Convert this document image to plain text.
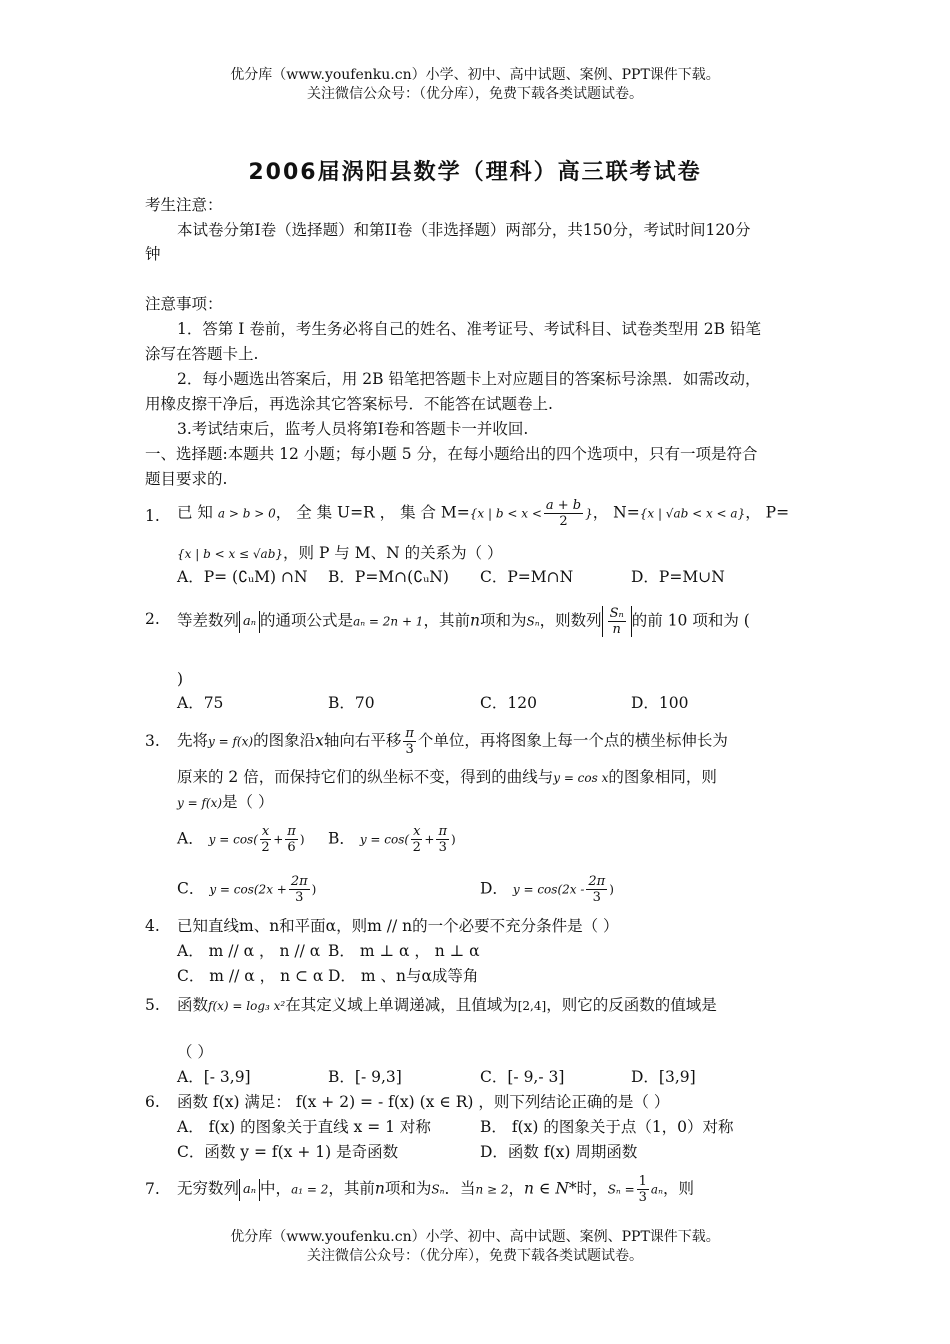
优分库（www.youfenku.cn）小学、初中、高中试题、案例、PPT课件下载。
关注微信公众号：（优分库），免费下载各类试题试卷。
2006届涡阳县数学（理科）高三联考试卷
考生注意：
本试卷分第I卷（选择题）和第II卷（非选择题）两部分，共150分，考试时间120分
钟
注意事项：
1．答第 I 卷前，考生务必将自己的姓名、准考证号、考试科目、试卷类型用 2B 铅笔
涂写在答题卡上.
2．每小题选出答案后，用 2B 铅笔把答题卡上对应题目的答案标号涂黑．如需改动，
用橡皮擦干净后，再选涂其它答案标号．不能答在试题卷上.
3.考试结束后，监考人员将第I卷和答题卡一并收回.
一、选择题:本题共 12 小题；每小题 5 分，在每小题给出的四个选项中，只有一项是符合
题目要求的.
1.	已 知 a > b > 0， 全 集 U=R ， 集 合 M={x | $b < x < \frac{a + b}{2}$ }， N={x | √ab < x < a}， P=
{x | b < x ≤ √ab}，则 P 与 M、N 的关系为（ ）
A．P= (∁ᵤM) ∩N B．P=M∩(∁ᵤN) C．P=M∩N	D．P=M∪N
2.	等差数列 aₙ 的通项公式是aₙ = 2n + 1，其前n项和为Sₙ，则数列 $\frac{\text{Sₙ}}{n}$ 的前 10 项和为 (
)
A．75	B．70	C．120	D．100
3.	先将y = f(x)的图象沿x轴向右平移 $\frac{\pi}{3}$ 个单位，再将图象上每一个点的横坐标伸长为
原来的 2 倍，而保持它们的纵坐标不变，得到的曲线与y = cos x的图象相同，则
y = f(x)是（ ）
A． $y = \cos( \frac{x}{2} + \frac{\pi}{6}$ ) B． $y = \cos( \frac{x}{2} + \frac{\pi}{3}$ )
C． $y = \cos(2x + \frac{2\pi}{3}$ )	D． $y = \cos(2x - \frac{2\pi}{3}$ )
4.	已知直线m、n和平面α，则m // n的一个必要不充分条件是（ ）
A． m // α ， n // α B． m ⊥ α ， n ⊥ α
C． m // α ， n ⊂ α D． m 、n与α成等角
5.	函数f(x) = log₃ x²在其定义域上单调递减，且值域为[2,4]，则它的反函数的值域是
（ ）
A．[- 3,9]	B．[- 9,3]	C．[- 9,- 3]	D．[3,9]
6.	函数 f(x) 满足： f(x + 2) = - f(x) (x ∈ R) ，则下列结论正确的是（ ）
A． f(x) 的图象关于直线 x = 1 对称	B． f(x) 的图象关于点（1，0）对称
C．函数 y = f(x + 1) 是奇函数	D．函数 f(x) 周期函数
7.	无穷数列 aₙ 中，a₁ = 2，其前n项和为Sₙ．当n ≥ 2，n ∈ N*时，$S_n = \frac{1}{3}$ aₙ，则
优分库（www.youfenku.cn）小学、初中、高中试题、案例、PPT课件下载。
关注微信公众号：（优分库），免费下载各类试题试卷。
